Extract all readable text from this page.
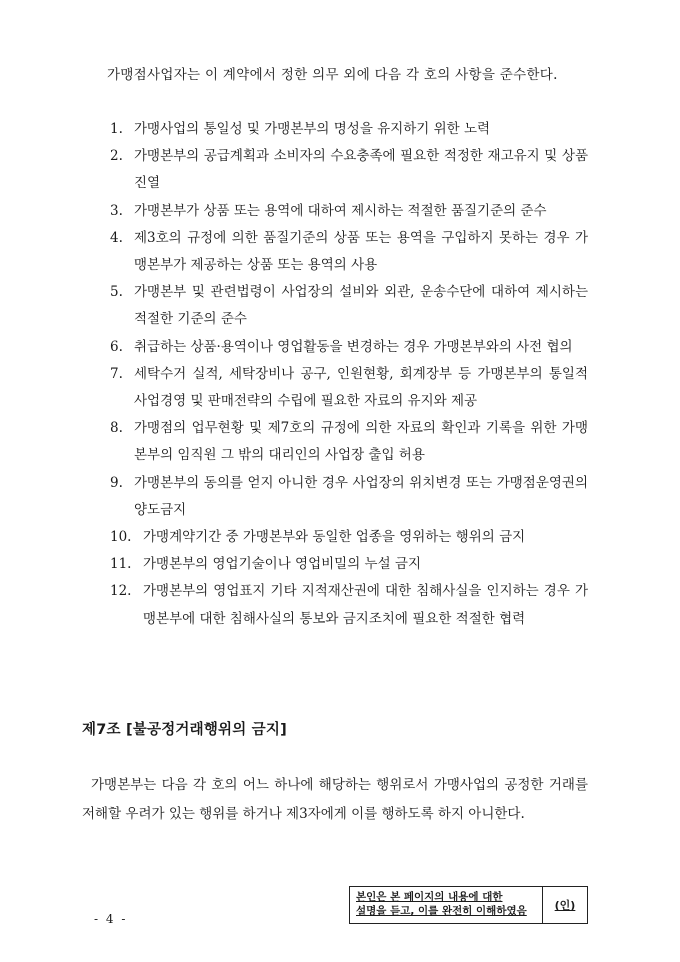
가맹점사업자는 이 계약에서 정한 의무 외에 다음 각 호의 사항을 준수한다.
1. 가맹사업의 통일성 및 가맹본부의 명성을 유지하기 위한 노력
2. 가맹본부의 공급계획과 소비자의 수요충족에 필요한 적정한 재고유지 및 상품진열
3. 가맹본부가 상품 또는 용역에 대하여 제시하는 적절한 품질기준의 준수
4. 제3호의 규정에 의한 품질기준의 상품 또는 용역을 구입하지 못하는 경우 가맹본부가 제공하는 상품 또는 용역의 사용
5. 가맹본부 및 관련법령이 사업장의 설비와 외관, 운송수단에 대하여 제시하는 적절한 기준의 준수
6. 취급하는 상품·용역이나 영업활동을 변경하는 경우 가맹본부와의 사전 협의
7. 세탁수거 실적, 세탁장비나 공구, 인원현황, 회계장부 등 가맹본부의 통일적 사업경영 및 판매전략의 수립에 필요한 자료의 유지와 제공
8. 가맹점의 업무현황 및 제7호의 규정에 의한 자료의 확인과 기록을 위한 가맹본부의 임직원 그 밖의 대리인의 사업장 출입 허용
9. 가맹본부의 동의를 얻지 아니한 경우 사업장의 위치변경 또는 가맹점운영권의 양도금지
10. 가맹계약기간 중 가맹본부와 동일한 업종을 영위하는 행위의 금지
11. 가맹본부의 영업기술이나 영업비밀의 누설 금지
12. 가맹본부의 영업표지 기타 지적재산권에 대한 침해사실을 인지하는 경우 가맹본부에 대한 침해사실의 통보와 금지조치에 필요한 적절한 협력
제7조 [불공정거래행위의 금지]
가맹본부는 다음 각 호의 어느 하나에 해당하는 행위로서 가맹사업의 공정한 거래를 저해할 우려가 있는 행위를 하거나 제3자에게 이를 행하도록 하지 아니한다.
본인은 본 페이지의 내용에 대한
설명을 듣고, 이를 완전히 이해하였음	(인)
- 4 -
